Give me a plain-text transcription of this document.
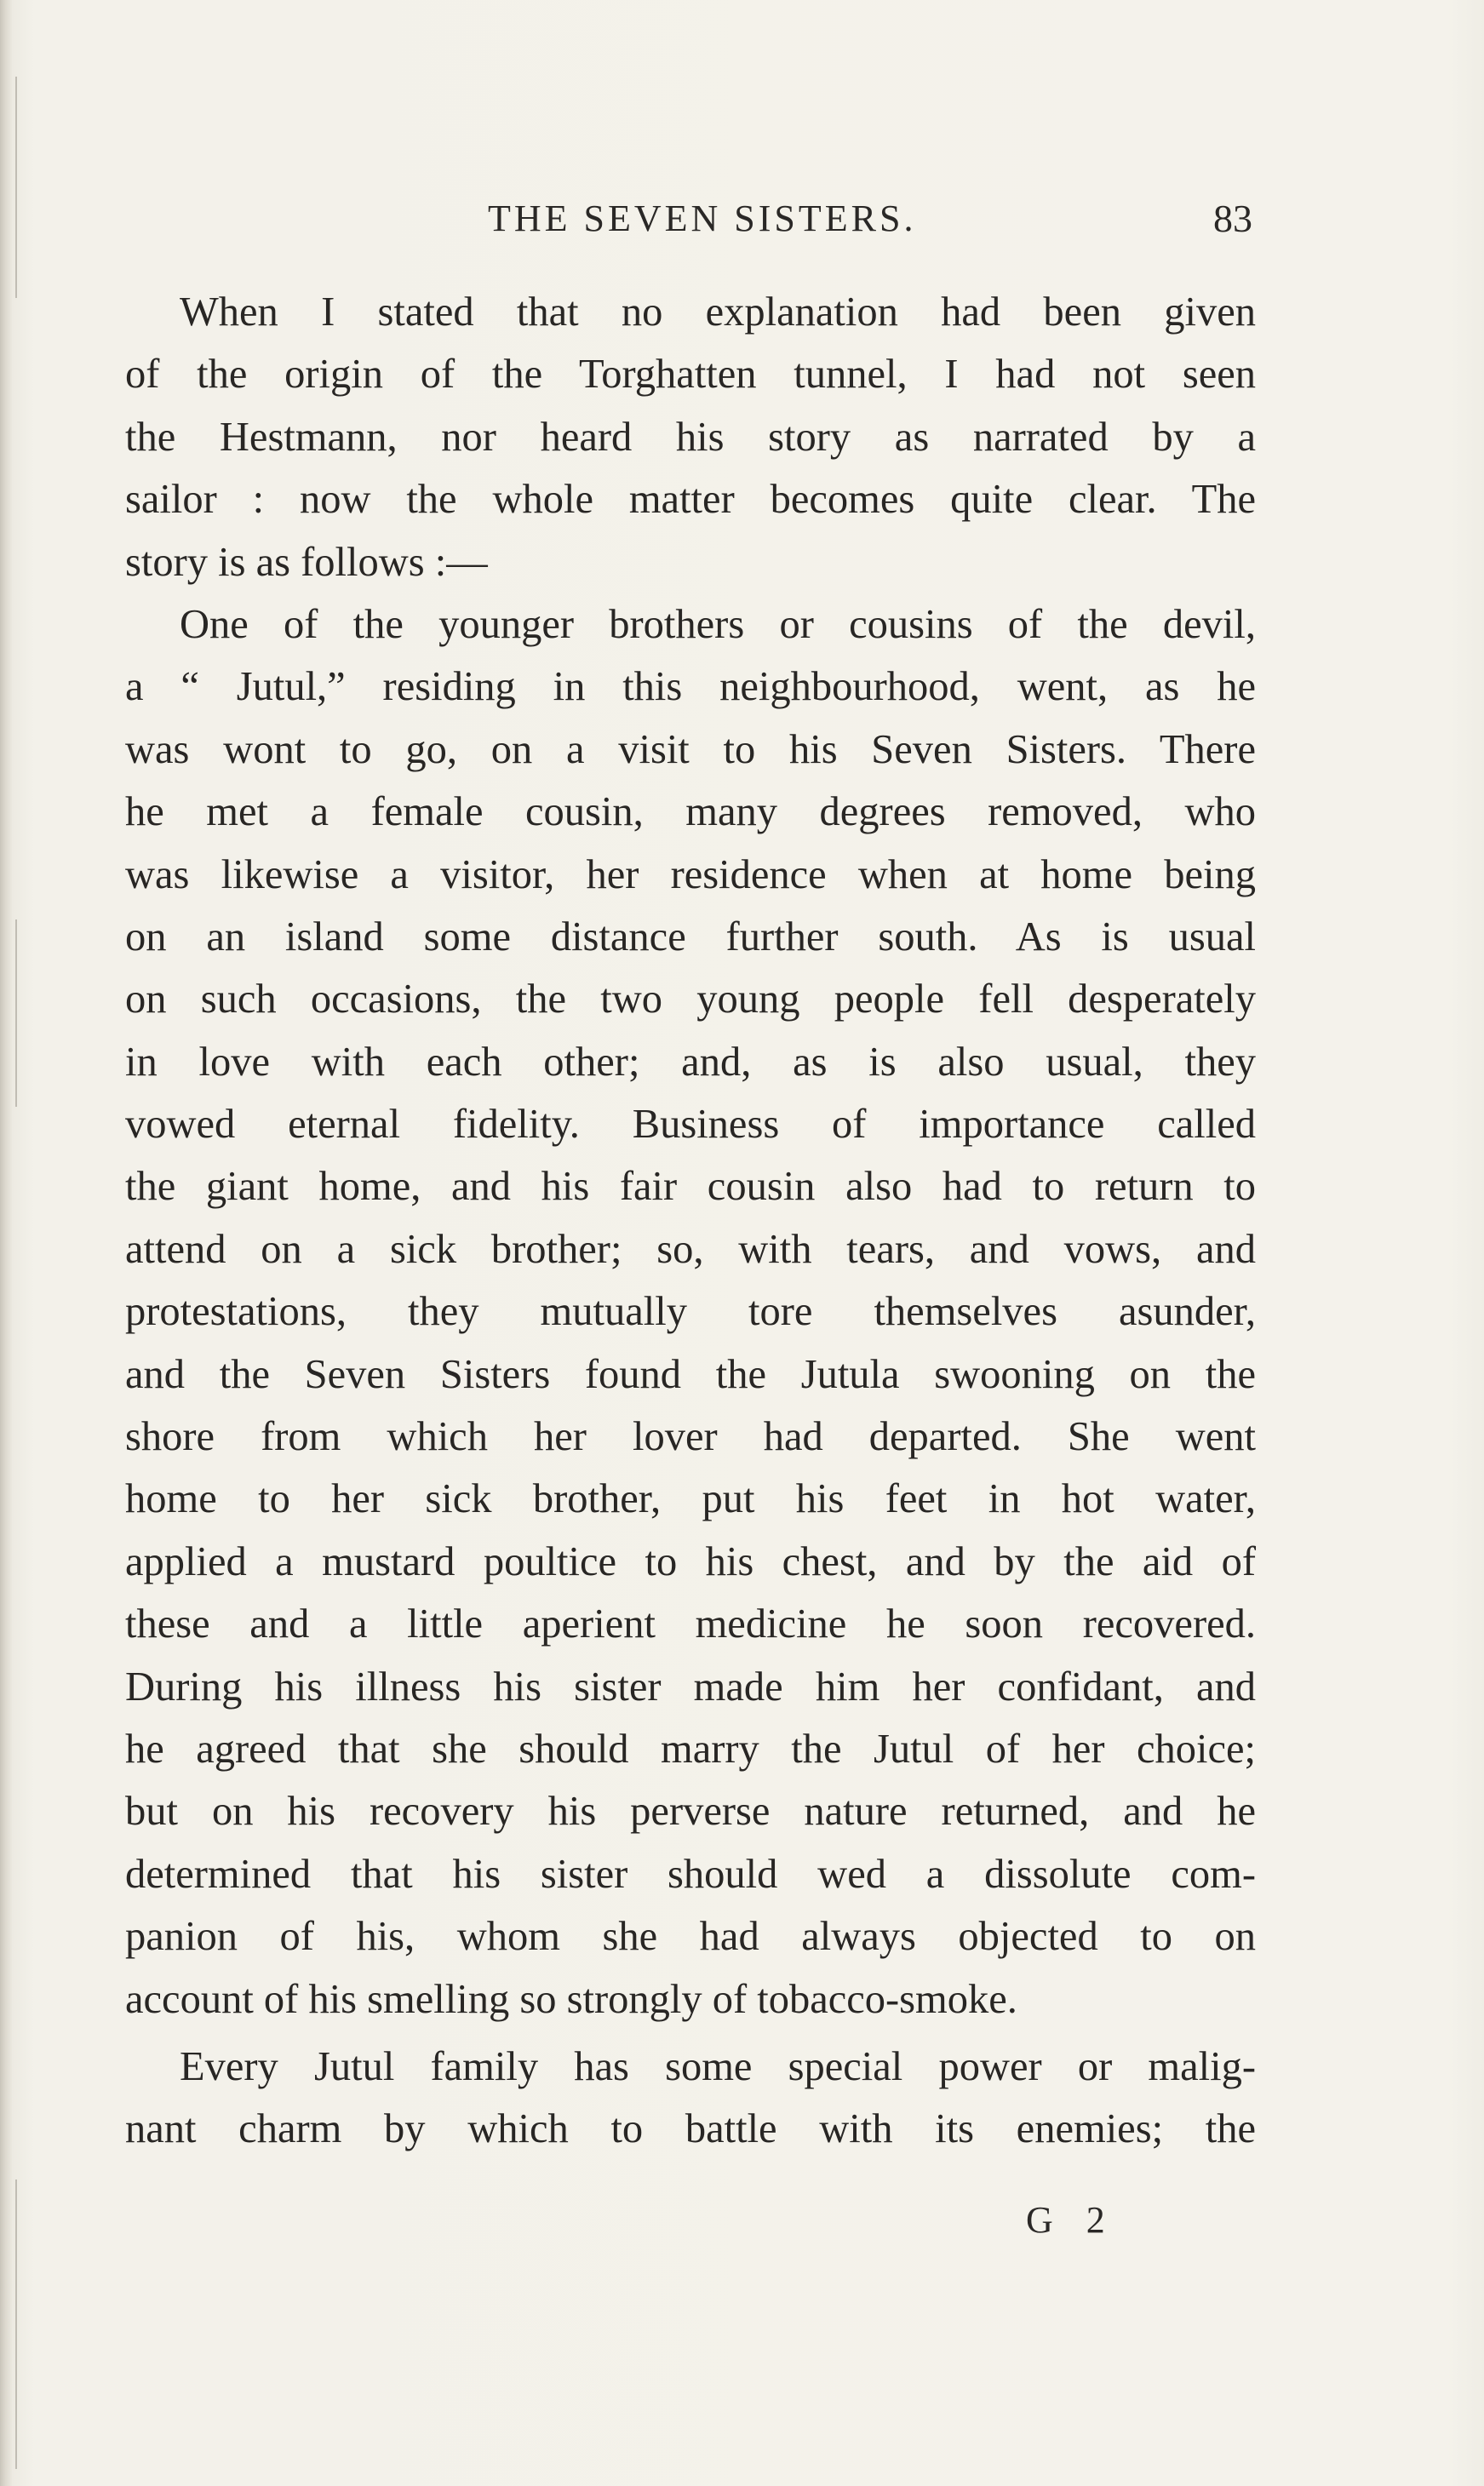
THE SEVEN SISTERS.	83
When I stated that no explanation had been given
of the origin of the Torghatten tunnel, I had not seen
the Hestmann, nor heard his story as narrated by a
sailor : now the whole matter becomes quite clear. The
story is as follows :—
One of the younger brothers or cousins of the devil,
a “ Jutul,” residing in this neighbourhood, went, as he
was wont to go, on a visit to his Seven Sisters. There
he met a female cousin, many degrees removed, who
was likewise a visitor, her residence when at home being
on an island some distance further south. As is usual
on such occasions, the two young people fell desperately
in love with each other; and, as is also usual, they
vowed eternal fidelity. Business of importance called
the giant home, and his fair cousin also had to return to
attend on a sick brother; so, with tears, and vows, and
protestations, they mutually tore themselves asunder,
and the Seven Sisters found the Jutula swooning on the
shore from which her lover had departed. She went
home to her sick brother, put his feet in hot water,
applied a mustard poultice to his chest, and by the aid of
these and a little aperient medicine he soon recovered.
During his illness his sister made him her confidant, and
he agreed that she should marry the Jutul of her choice;
but on his recovery his perverse nature returned, and he
determined that his sister should wed a dissolute com-
panion of his, whom she had always objected to on
account of his smelling so strongly of tobacco-smoke.
Every Jutul family has some special power or malig-
nant charm by which to battle with its enemies; the
G 2
